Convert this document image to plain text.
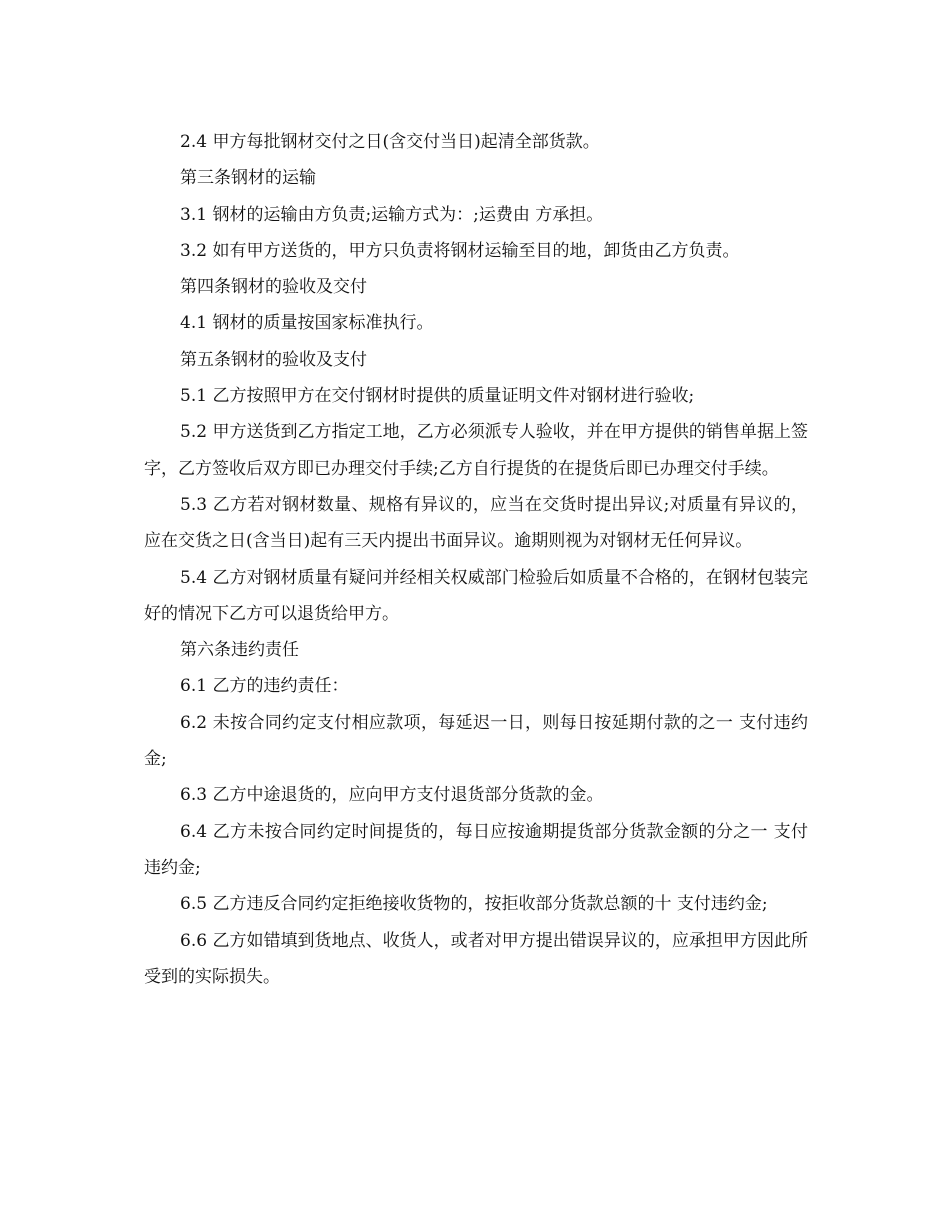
2.4 甲方每批钢材交付之日(含交付当日)起清全部货款。

第三条钢材的运输

3.1 钢材的运输由方负责;运输方式为：;运费由 方承担。

3.2 如有甲方送货的，甲方只负责将钢材运输至目的地，卸货由乙方负责。

第四条钢材的验收及交付

4.1 钢材的质量按国家标准执行。

第五条钢材的验收及支付

5.1 乙方按照甲方在交付钢材时提供的质量证明文件对钢材进行验收;

5.2 甲方送货到乙方指定工地，乙方必须派专人验收，并在甲方提供的销售单据上签字，乙方签收后双方即已办理交付手续;乙方自行提货的在提货后即已办理交付手续。

5.3 乙方若对钢材数量、规格有异议的，应当在交货时提出异议;对质量有异议的，应在交货之日(含当日)起有三天内提出书面异议。逾期则视为对钢材无任何异议。

5.4 乙方对钢材质量有疑问并经相关权威部门检验后如质量不合格的，在钢材包装完好的情况下乙方可以退货给甲方。

第六条违约责任

6.1 乙方的违约责任：

6.2 未按合同约定支付相应款项，每延迟一日，则每日按延期付款的之一 支付违约金;

6.3 乙方中途退货的，应向甲方支付退货部分货款的金。

6.4 乙方未按合同约定时间提货的，每日应按逾期提货部分货款金额的分之一 支付违约金;

6.5 乙方违反合同约定拒绝接收货物的，按拒收部分货款总额的十 支付违约金;

6.6 乙方如错填到货地点、收货人，或者对甲方提出错误异议的，应承担甲方因此所受到的实际损失。
